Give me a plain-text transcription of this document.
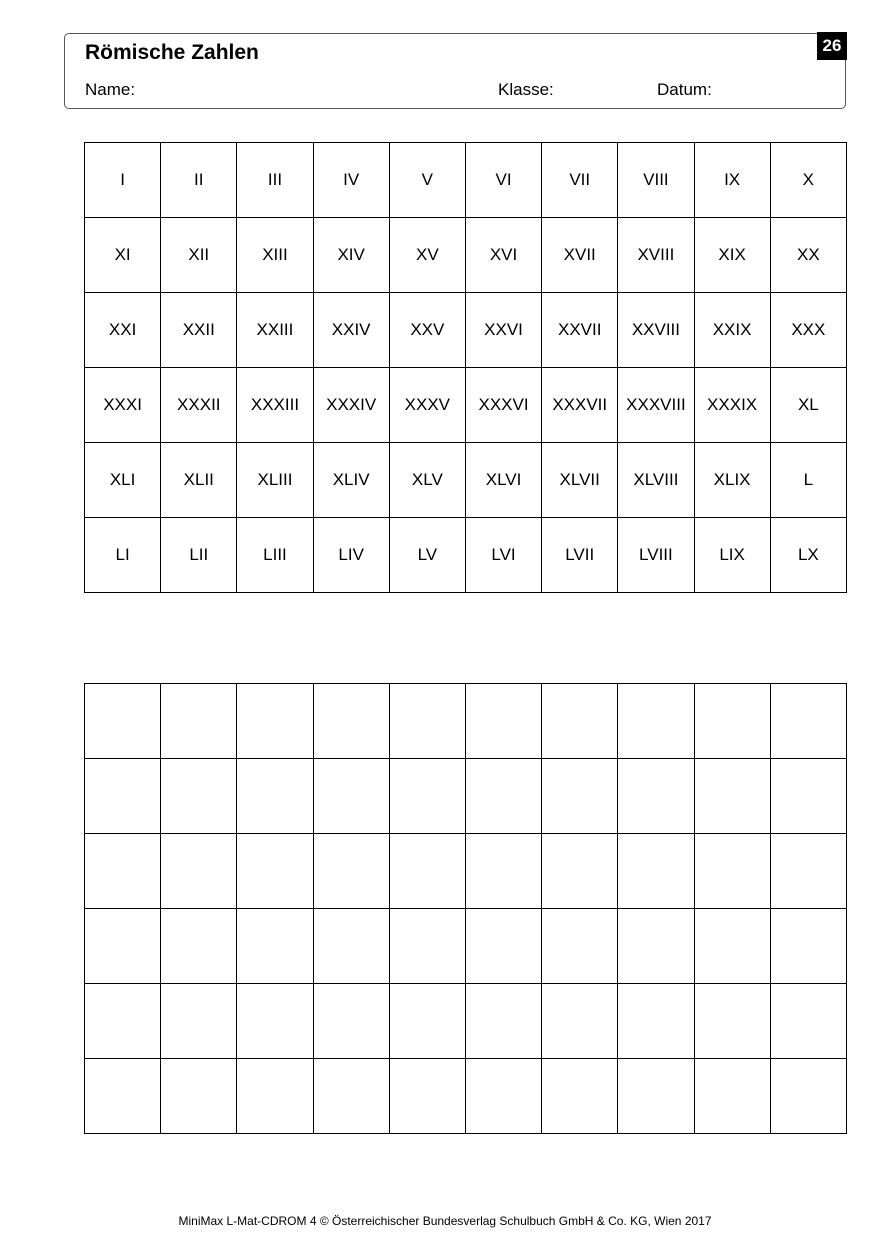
Römische Zahlen
Name:	Klasse:	Datum:
26
I	II	III	IV	V	VI	VII	VIII	IX	X
XI	XII	XIII	XIV	XV	XVI	XVII	XVIII	XIX	XX
XXI	XXII	XXIII	XXIV	XXV	XXVI	XXVII	XXVIII	XXIX	XXX
XXXI	XXXII	XXXIII	XXXIV	XXXV	XXXVI	XXXVII	XXXVIII	XXXIX	XL
XLI	XLII	XLIII	XLIV	XLV	XLVI	XLVII	XLVIII	XLIX	L
LI	LII	LIII	LIV	LV	LVI	LVII	LVIII	LIX	LX

MiniMax L-Mat-CDROM 4 © Österreichischer Bundesverlag Schulbuch GmbH & Co. KG, Wien 2017
